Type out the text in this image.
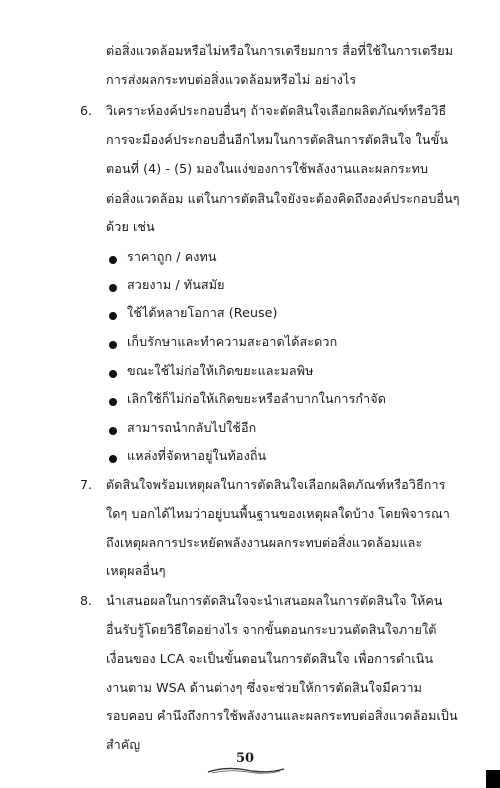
ต่อสิ่งแวดล้อมหรือไม่หรือในการเตรียมการ สื่อที่ใช้ในการเตรียม
การส่งผลกระทบต่อสิ่งแวดล้อมหรือไม่ อย่างไร
6. วิเคราะห์องค์ประกอบอื่นๆ ถ้าจะตัดสินใจเลือกผลิตภัณฑ์หรือวิธี
การจะมีองค์ประกอบอื่นอีกไหมในการตัดสินการตัดสินใจ ในขั้น
ตอนที่ (4) - (5) มองในแง่ของการใช้พลังงานและผลกระทบ
ต่อสิ่งแวดล้อม แต่ในการตัดสินใจยังจะต้องคิดถึงองค์ประกอบอื่นๆ
ด้วย เช่น
ราคาถูก / คงทน
สวยงาม / ทันสมัย
ใช้ได้หลายโอกาส (Reuse)
เก็บรักษาและทำความสะอาดได้สะดวก
ขณะใช้ไม่ก่อให้เกิดขยะและมลพิษ
เลิกใช้ก็ไม่ก่อให้เกิดขยะหรือลำบากในการกำจัด
สามารถนำกลับไปใช้อีก
แหล่งที่จัดหาอยู่ในท้องถิ่น
7. ตัดสินใจพร้อมเหตุผลในการตัดสินใจเลือกผลิตภัณฑ์หรือวิธีการ
ใดๆ บอกได้ไหมว่าอยู่บนพื้นฐานของเหตุผลใดบ้าง โดยพิจารณา
ถึงเหตุผลการประหยัดพลังงานผลกระทบต่อสิ่งแวดล้อมและ
เหตุผลอื่นๆ
8. นำเสนอผลในการตัดสินใจจะนำเสนอผลในการตัดสินใจ ให้คน
อื่นรับรู้โดยวิธีใดอย่างไร จากขั้นตอนกระบวนตัดสินใจภายใต้
เงื่อนของ LCA จะเป็นขั้นตอนในการตัดสินใจ เพื่อการดำเนิน
งานตาม WSA ด้านต่างๆ ซึ่งจะช่วยให้การตัดสินใจมีความ
รอบคอบ คำนึงถึงการใช้พลังงานและผลกระทบต่อสิ่งแวดล้อมเป็น
สำคัญ
50
